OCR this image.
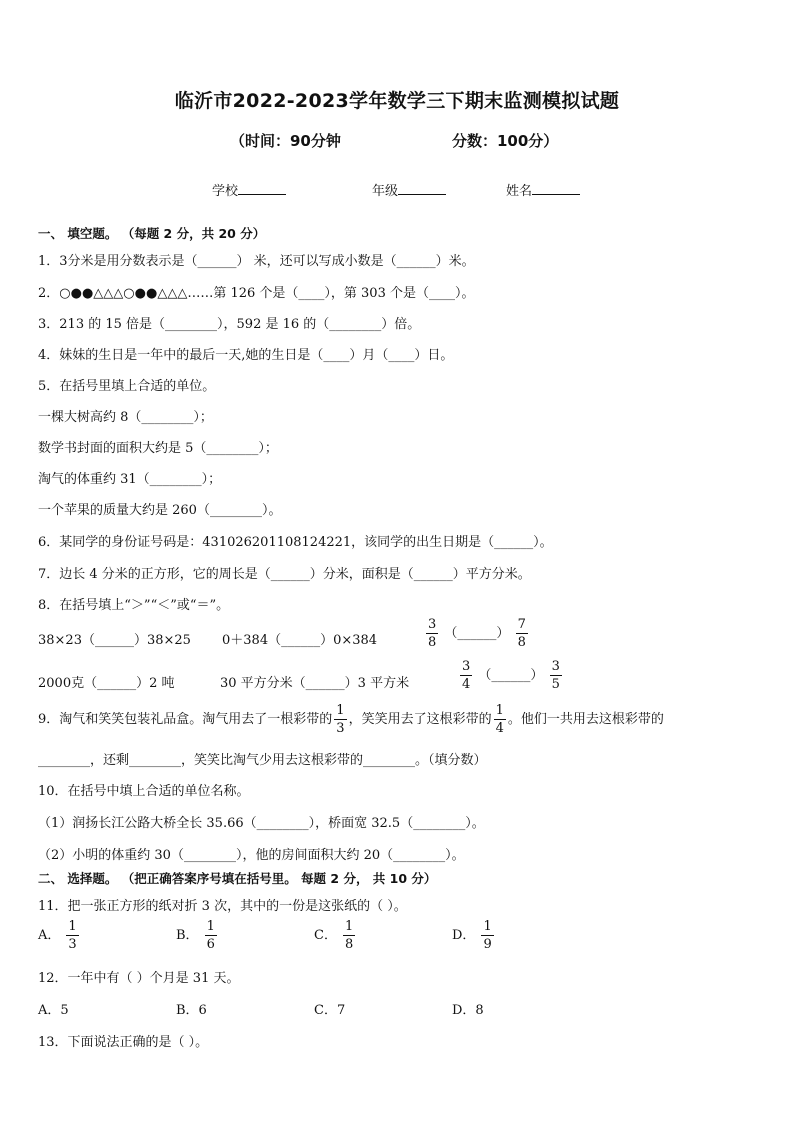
临沂市2022-2023学年数学三下期末监测模拟试题
（时间：90分钟	分数：100分）
学校	年级	姓名
一、 填空题。 （每题 2 分，共 20 分）
1．3分米是用分数表示是（______） 米，还可以写成小数是（______）米。
2．○●●△△△○●●△△△……第 126 个是（____），第 303 个是（____）。
3．213 的 15 倍是（________），592 是 16 的（________）倍。
4．妹妹的生日是一年中的最后一天,她的生日是（____）月（____）日。
5．在括号里填上合适的单位。
一棵大树高约 8（________）；
数学书封面的面积大约是 5（________）；
淘气的体重约 31（________）；
一个苹果的质量大约是 260（________）。
6．某同学的身份证号码是：431026201108124221，该同学的出生日期是（______）。
7．边长 4 分米的正方形，它的周长是（______）分米，面积是（______）平方分米。
8．在括号填上“＞”“＜”或“＝”。
38×23（______）38×25 0＋384（______）0×384	$\frac{3}{8}$ （______） $\frac{7}{8}$
2000克（______）2 吨	30 平方分米（______）3 平方米	$\frac{3}{4}$ （______） $\frac{3}{5}$
9．淘气和笑笑包装礼品盒。淘气用去了一根彩带的 $\frac{1}{3}$ ，笑笑用去了这根彩带的 $\frac{1}{4}$ 。他们一共用去这根彩带的
________，还剩________，笑笑比淘气少用去这根彩带的________。（填分数）
10．在括号中填上合适的单位名称。
（1）润扬长江公路大桥全长 35.66（________），桥面宽 32.5（________）。
（2）小明的体重约 30（________），他的房间面积大约 20（________）。
二、 选择题。 （把正确答案序号填在括号里。 每题 2 分， 共 10 分）
11．把一张正方形的纸对折 3 次，其中的一份是这张纸的（ ）。
A． $\frac{1}{3}$	B． $\frac{1}{6}$	C． $\frac{1}{8}$	D． $\frac{1}{9}$
12．一年中有（ ）个月是 31 天。
A．5	B．6	C．7	D．8
13．下面说法正确的是（ ）。
